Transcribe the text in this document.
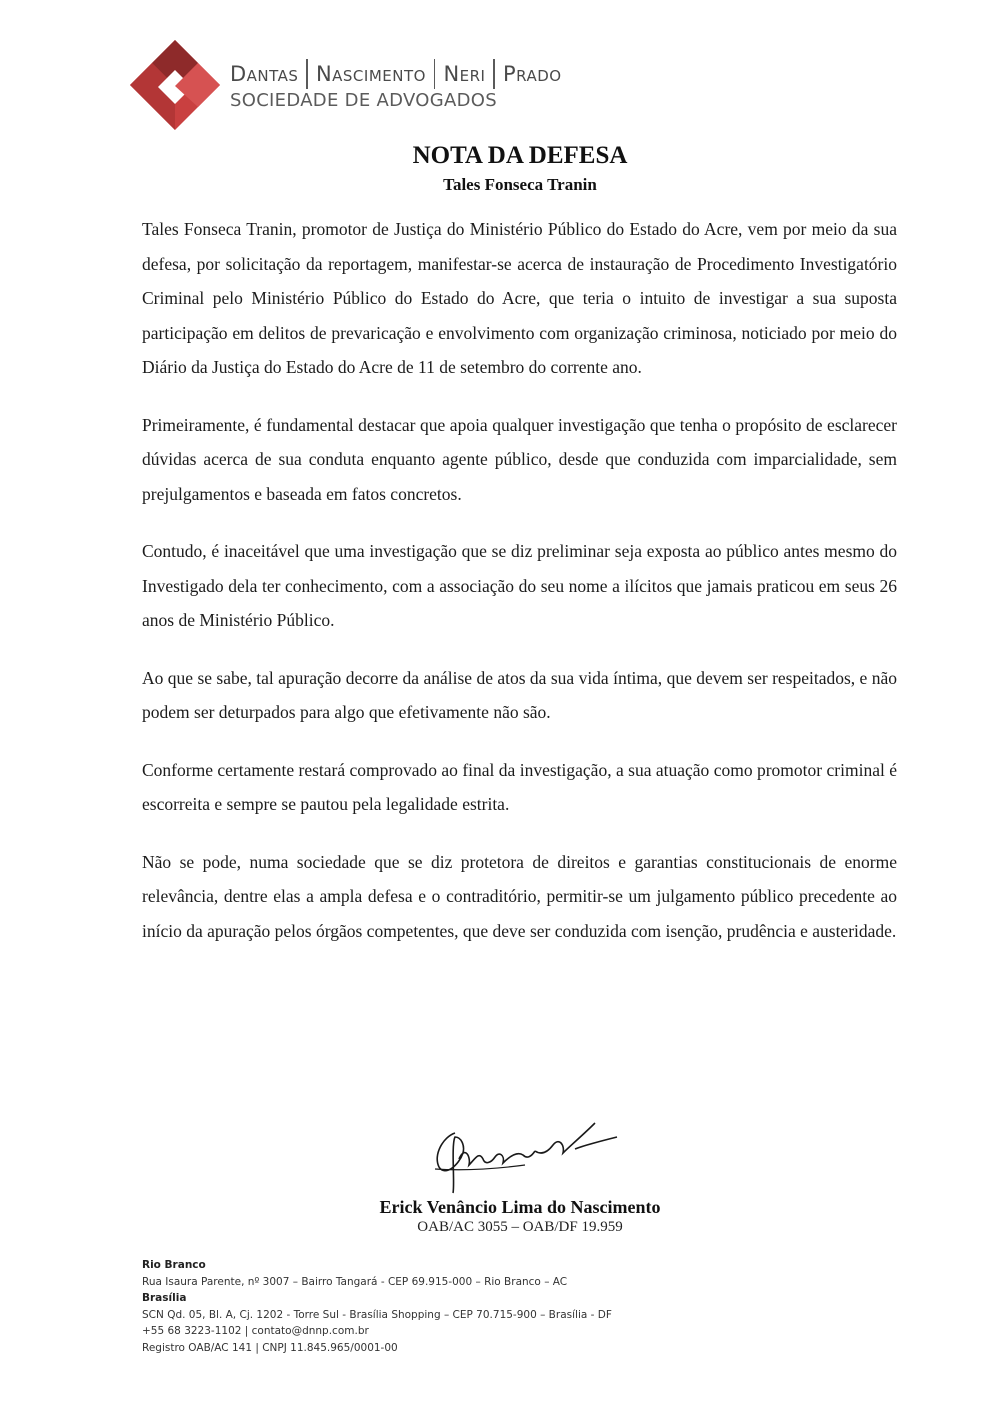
Dantas Nascimento Neri Prado
SOCIEDADE DE ADVOGADOS
NOTA DA DEFESA
Tales Fonseca Tranin

Tales Fonseca Tranin, promotor de Justiça do Ministério Público do Estado do Acre, vem por meio da sua defesa, por solicitação da reportagem, manifestar-se acerca de instauração de Procedimento Investigatório Criminal pelo Ministério Público do Estado do Acre, que teria o intuito de investigar a sua suposta participação em delitos de prevaricação e envolvimento com organização criminosa, noticiado por meio do Diário da Justiça do Estado do Acre de 11 de setembro do corrente ano.

Primeiramente, é fundamental destacar que apoia qualquer investigação que tenha o propósito de esclarecer dúvidas acerca de sua conduta enquanto agente público, desde que conduzida com imparcialidade, sem prejulgamentos e baseada em fatos concretos.

Contudo, é inaceitável que uma investigação que se diz preliminar seja exposta ao público antes mesmo do Investigado dela ter conhecimento, com a associação do seu nome a ilícitos que jamais praticou em seus 26 anos de Ministério Público.

Ao que se sabe, tal apuração decorre da análise de atos da sua vida íntima, que devem ser respeitados, e não podem ser deturpados para algo que efetivamente não são.

Conforme certamente restará comprovado ao final da investigação, a sua atuação como promotor criminal é escorreita e sempre se pautou pela legalidade estrita.

Não se pode, numa sociedade que se diz protetora de direitos e garantias constitucionais de enorme relevância, dentre elas a ampla defesa e o contraditório, permitir-se um julgamento público precedente ao início da apuração pelos órgãos competentes, que deve ser conduzida com isenção, prudência e austeridade.

Erick Venâncio Lima do Nascimento
OAB/AC 3055 – OAB/DF 19.959
Rio Branco
Rua Isaura Parente, nº 3007 – Bairro Tangará - CEP 69.915-000 – Rio Branco – AC
Brasília
SCN Qd. 05, Bl. A, Cj. 1202 - Torre Sul - Brasília Shopping – CEP 70.715-900 – Brasília - DF
+55 68 3223-1102 | contato@dnnp.com.br
Registro OAB/AC 141 | CNPJ 11.845.965/0001-00
